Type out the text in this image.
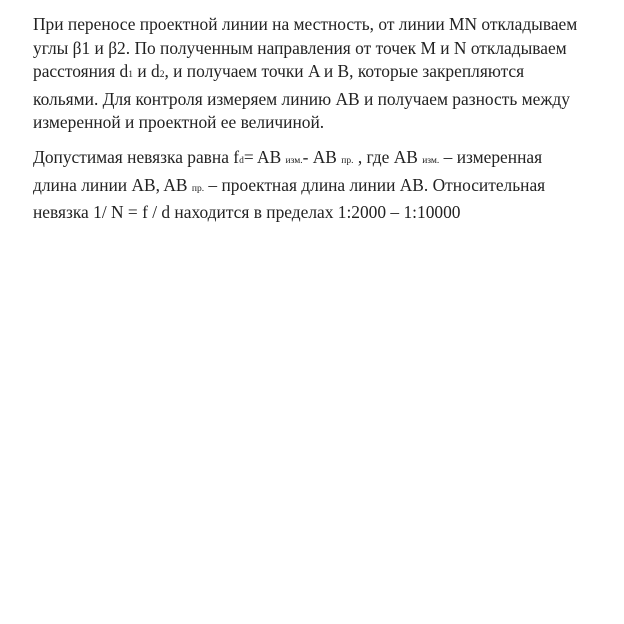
При переносе проектной линии на местность, от линии MN откладываем
углы β1 и β2. По полученным направления от точек M и N откладываем
расстояния d1 и d2, и получаем точки A и B, которые закрепляются
кольями. Для контроля измеряем линию AB и получаем разность между
измеренной и проектной ее величиной.

Допустимая невязка равна fd= AB изм.- AB пр. , где AB изм. – измеренная
длина линии AB, AB пр. – проектная длина линии AB. Относительная
невязка 1/ N = f / d находится в пределах 1:2000 – 1:10000
